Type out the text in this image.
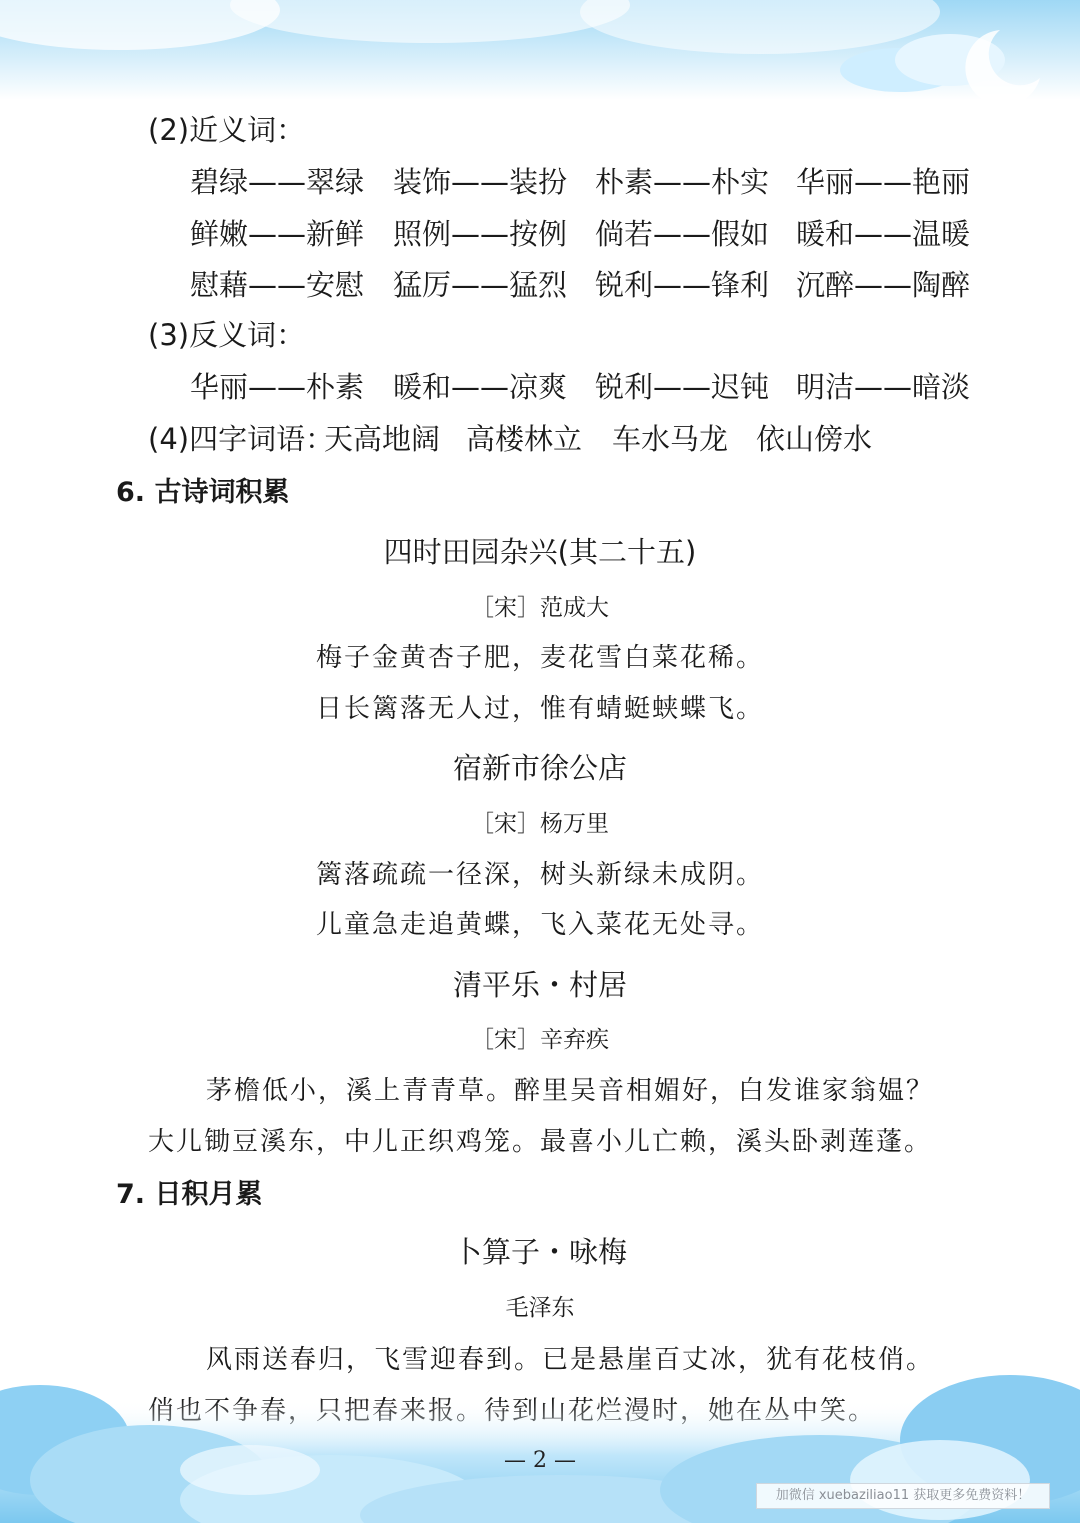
(2)近义词：
碧绿——翠绿 装饰——装扮 朴素——朴实 华丽——艳丽
鲜嫩——新鲜 照例——按例 倘若——假如 暖和——温暖
慰藉——安慰 猛厉——猛烈 锐利——锋利 沉醉——陶醉
(3)反义词：
华丽——朴素 暖和——凉爽 锐利——迟钝 明洁——暗淡
(4)四字词语：
天高地阔 高楼林立 车水马龙 依山傍水
6. 古诗词积累
四时田园杂兴(其二十五)
［宋］范成大
梅子金黄杏子肥，麦花雪白菜花稀。
日长篱落无人过，惟有蜻蜓蛱蝶飞。
宿新市徐公店
［宋］杨万里
篱落疏疏一径深，树头新绿未成阴。
儿童急走追黄蝶，飞入菜花无处寻。
清平乐・村居
［宋］辛弃疾
茅檐低小，溪上青青草。醉里吴音相媚好，白发谁家翁媪？
大儿锄豆溪东，中儿正织鸡笼。最喜小儿亡赖，溪头卧剥莲蓬。
7. 日积月累
卜算子・咏梅
毛泽东
风雨送春归，飞雪迎春到。已是悬崖百丈冰，犹有花枝俏。
— 2 —
加微信 xuebaziliao11 获取更多免费资料！
